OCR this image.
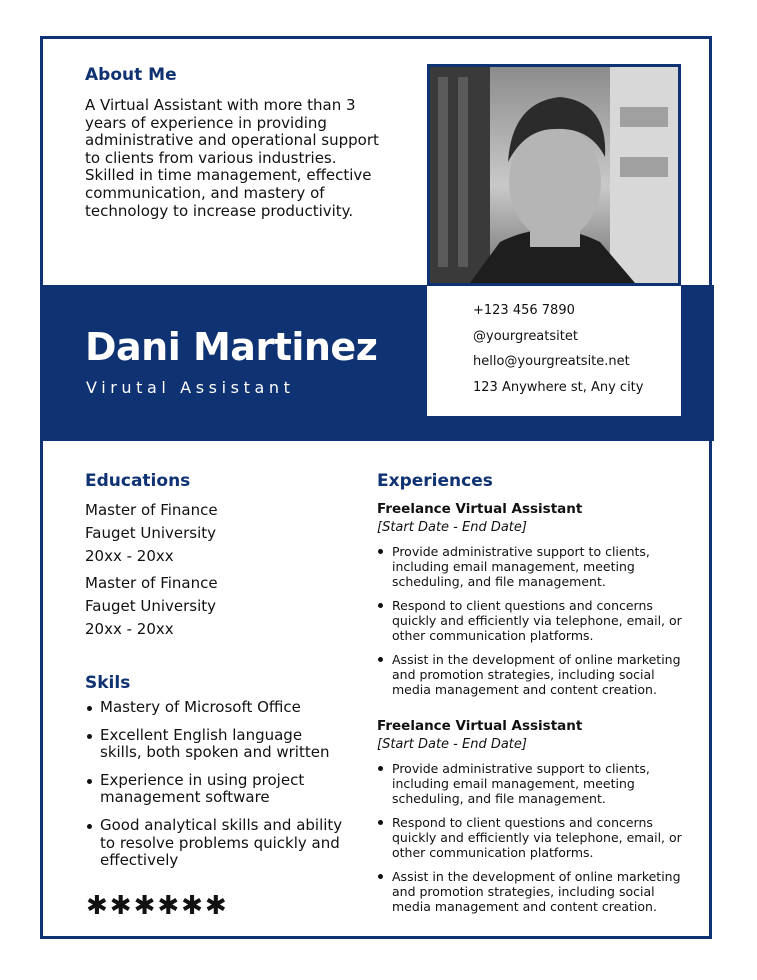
About Me
A Virtual Assistant with more than 3 years of experience in providing administrative and operational support to clients from various industries. Skilled in time management, effective communication, and mastery of technology to increase productivity.
+123 456 7890
@yourgreatsitet
hello@yourgreatsite.net
123 Anywhere st, Any city
Dani Martinez
Virutal Assistant
Educations
Master of Finance
Fauget University
20xx - 20xx
Master of Finance
Fauget University
20xx - 20xx
Skils
Mastery of Microsoft Office
Excellent English language skills, both spoken and written
Experience in using project management software
Good analytical skills and ability to resolve problems quickly and effectively
✱✱✱✱✱✱
Experiences
Freelance Virtual Assistant
[Start Date - End Date]
Provide administrative support to clients, including email management, meeting scheduling, and file management.
Respond to client questions and concerns quickly and efficiently via telephone, email, or other communication platforms.
Assist in the development of online marketing and promotion strategies, including social media management and content creation.
Freelance Virtual Assistant
[Start Date - End Date]
Provide administrative support to clients, including email management, meeting scheduling, and file management.
Respond to client questions and concerns quickly and efficiently via telephone, email, or other communication platforms.
Assist in the development of online marketing and promotion strategies, including social media management and content creation.
